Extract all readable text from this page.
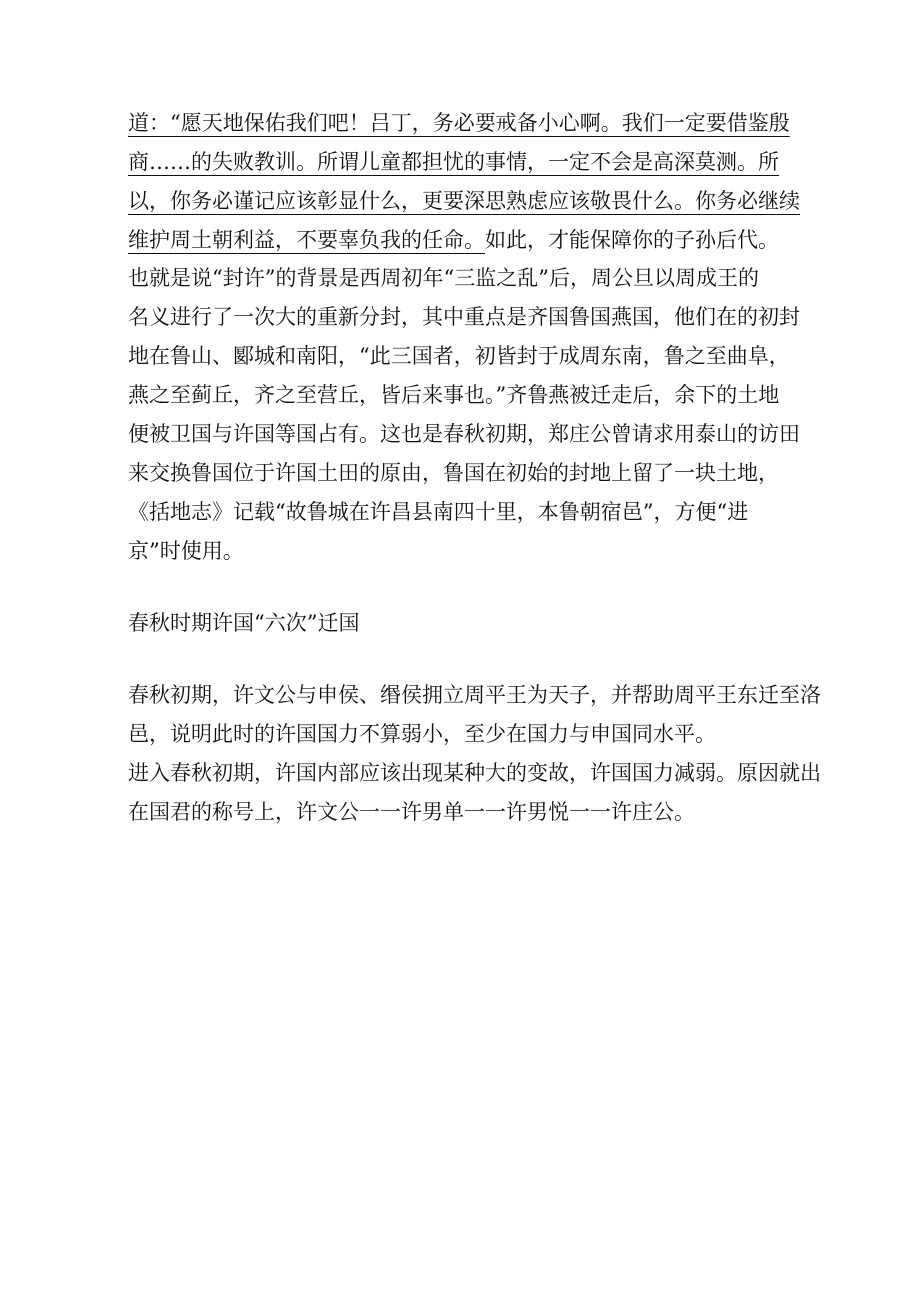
道：“愿天地保佑我们吧！吕丁，务必要戒备小心啊。我们一定要借鉴殷
商……的失败教训。所谓儿童都担忧的事情，一定不会是高深莫测。所
以，你务必谨记应该彰显什么，更要深思熟虑应该敬畏什么。你务必继续
维护周土朝利益，不要辜负我的任命。如此，才能保障你的子孙后代。
也就是说“封许”的背景是西周初年“三监之乱”后，周公旦以周成王的
名义进行了一次大的重新分封，其中重点是齐国鲁国燕国，他们在的初封
地在鲁山、郾城和南阳，“此三国者，初皆封于成周东南，鲁之至曲阜，
燕之至蓟丘，齐之至营丘，皆后来事也。”齐鲁燕被迁走后，余下的土地
便被卫国与许国等国占有。这也是春秋初期，郑庄公曾请求用泰山的访田
来交换鲁国位于许国土田的原由，鲁国在初始的封地上留了一块土地，
《括地志》记载“故鲁城在许昌县南四十里，本鲁朝宿邑”，方便“进
京”时使用。
春秋时期许国“六次”迁国
春秋初期，许文公与申侯、缗侯拥立周平王为天子，并帮助周平王东迁至洛
邑，说明此时的许国国力不算弱小，至少在国力与申国同水平。
进入春秋初期，许国内部应该出现某种大的变故，许国国力减弱。原因就出
在国君的称号上，许文公一一许男单一一许男悦一一许庄公。
